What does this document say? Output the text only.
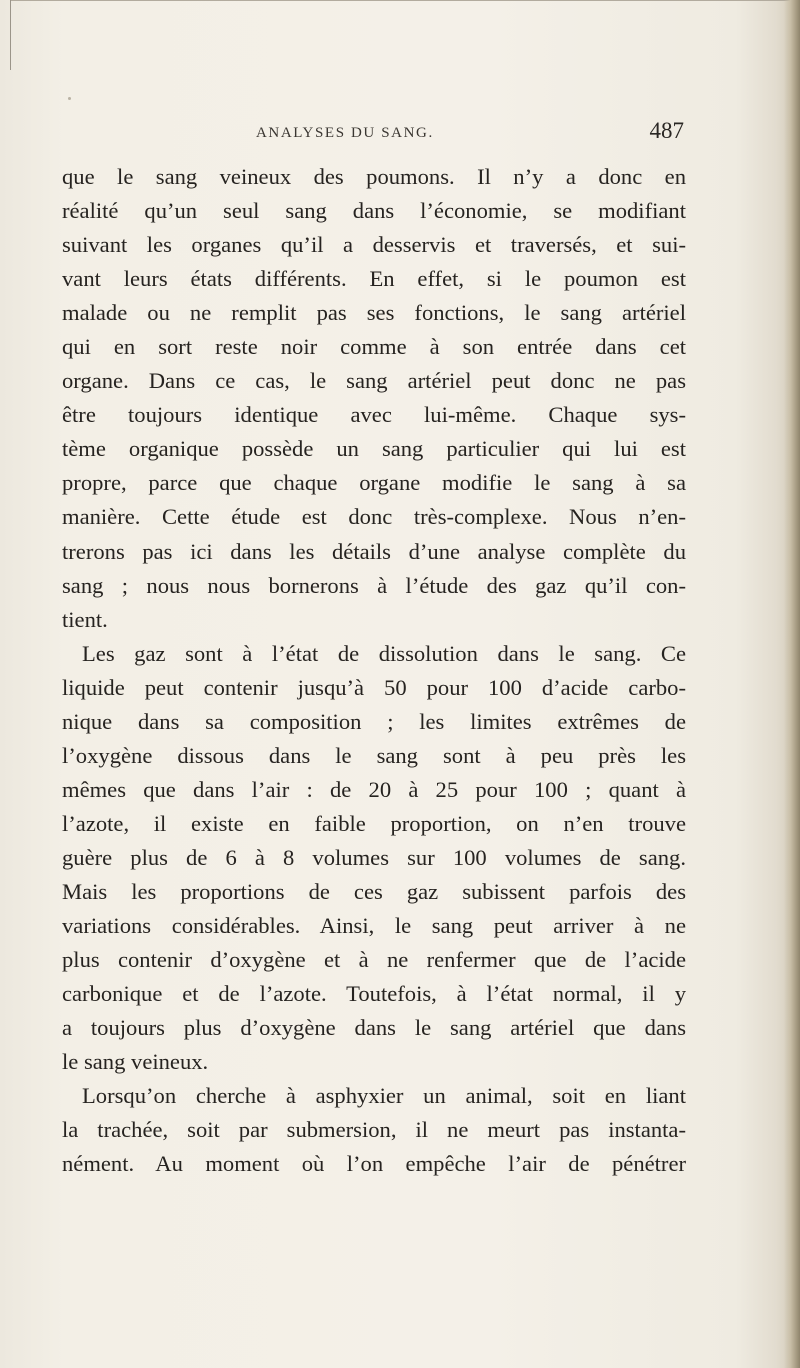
ANALYSES DU SANG.	487
que le sang veineux des poumons. Il n’y a donc en
réalité qu’un seul sang dans l’économie, se modifiant
suivant les organes qu’il a desservis et traversés, et sui-
vant leurs états différents. En effet, si le poumon est
malade ou ne remplit pas ses fonctions, le sang artériel
qui en sort reste noir comme à son entrée dans cet
organe. Dans ce cas, le sang artériel peut donc ne pas
être toujours identique avec lui-même. Chaque sys-
tème organique possède un sang particulier qui lui est
propre, parce que chaque organe modifie le sang à sa
manière. Cette étude est donc très-complexe. Nous n’en-
trerons pas ici dans les détails d’une analyse complète du
sang ; nous nous bornerons à l’étude des gaz qu’il con-
tient.
Les gaz sont à l’état de dissolution dans le sang. Ce
liquide peut contenir jusqu’à 50 pour 100 d’acide carbo-
nique dans sa composition ; les limites extrêmes de
l’oxygène dissous dans le sang sont à peu près les
mêmes que dans l’air : de 20 à 25 pour 100 ; quant à
l’azote, il existe en faible proportion, on n’en trouve
guère plus de 6 à 8 volumes sur 100 volumes de sang.
Mais les proportions de ces gaz subissent parfois des
variations considérables. Ainsi, le sang peut arriver à ne
plus contenir d’oxygène et à ne renfermer que de l’acide
carbonique et de l’azote. Toutefois, à l’état normal, il y
a toujours plus d’oxygène dans le sang artériel que dans
le sang veineux.
Lorsqu’on cherche à asphyxier un animal, soit en liant
la trachée, soit par submersion, il ne meurt pas instanta-
nément. Au moment où l’on empêche l’air de pénétrer
